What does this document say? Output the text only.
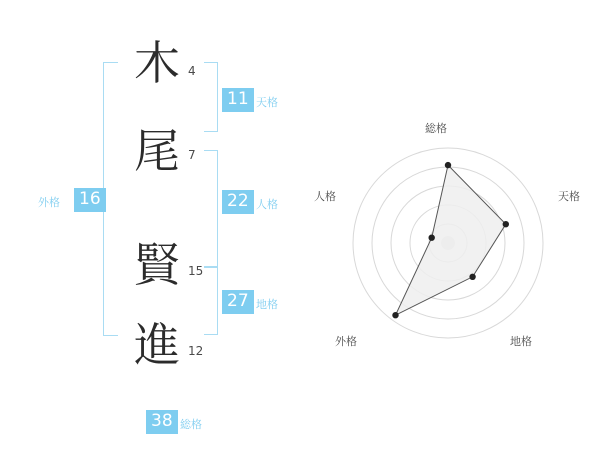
外格 16
木 4
尾 7
賢 15
進 12
11 天格
22 人格
27 地格
38 総格
総格
天格
地格
外格
人格
